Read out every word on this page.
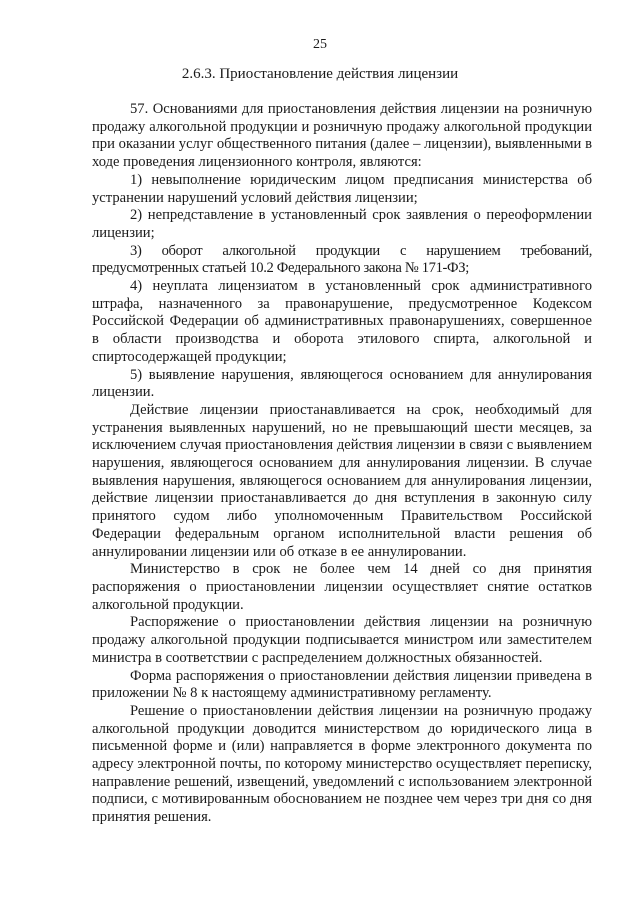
25
2.6.3. Приостановление действия лицензии

57. Основаниями для приостановления действия лицензии на розничную продажу алкогольной продукции и розничную продажу алкогольной продукции при оказании услуг общественного питания (далее – лицензии), выявленными в ходе проведения лицензионного контроля, являются:

1) невыполнение юридическим лицом предписания министерства об устранении нарушений условий действия лицензии;

2) непредставление в установленный срок заявления о переоформлении лицензии;

3) оборот алкогольной продукции с нарушением требований, предусмотренных статьей 10.2 Федерального закона № 171-ФЗ;

4) неуплата лицензиатом в установленный срок административного штрафа, назначенного за правонарушение, предусмотренное Кодексом Российской Федерации об административных правонарушениях, совершенное в области производства и оборота этилового спирта, алкогольной и спиртосодержащей продукции;

5) выявление нарушения, являющегося основанием для аннулирования лицензии.

Действие лицензии приостанавливается на срок, необходимый для устранения выявленных нарушений, но не превышающий шести месяцев, за исключением случая приостановления действия лицензии в связи с выявлением нарушения, являющегося основанием для аннулирования лицензии. В случае выявления нарушения, являющегося основанием для аннулирования лицензии, действие лицензии приостанавливается до дня вступления в законную силу принятого судом либо уполномоченным Правительством Российской Федерации федеральным органом исполнительной власти решения об аннулировании лицензии или об отказе в ее аннулировании.

Министерство в срок не более чем 14 дней со дня принятия распоряжения о приостановлении лицензии осуществляет снятие остатков алкогольной продукции.

Распоряжение о приостановлении действия лицензии на розничную продажу алкогольной продукции подписывается министром или заместителем министра в соответствии с распределением должностных обязанностей.

Форма распоряжения о приостановлении действия лицензии приведена в приложении № 8 к настоящему административному регламенту.

Решение о приостановлении действия лицензии на розничную продажу алкогольной продукции доводится министерством до юридического лица в письменной форме и (или) направляется в форме электронного документа по адресу электронной почты, по которому министерство осуществляет переписку, направление решений, извещений, уведомлений с использованием электронной подписи, с мотивированным обоснованием не позднее чем через три дня со дня принятия решения.
